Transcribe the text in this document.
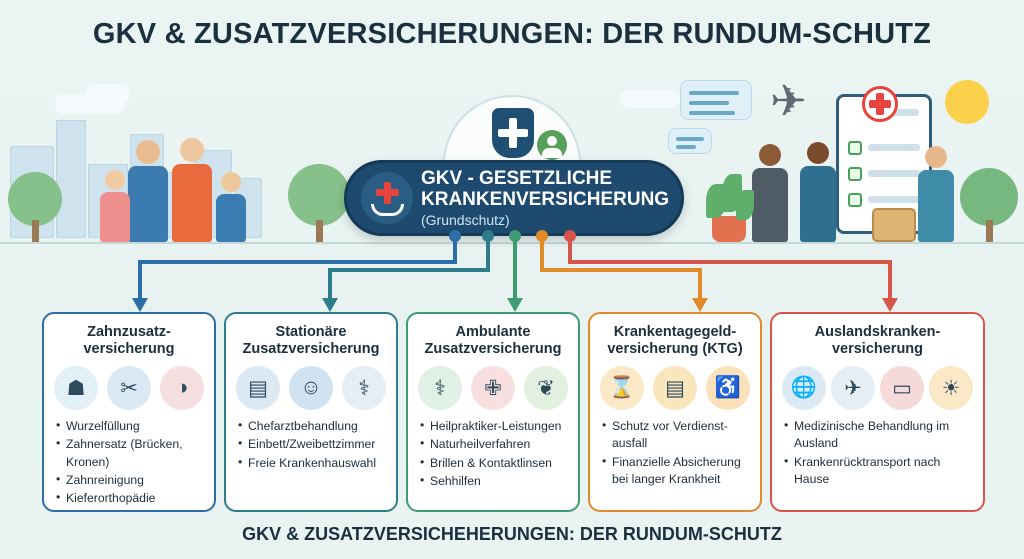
GKV & ZUSATZVERSICHERUNGEN: DER RUNDUM-SCHUTZ
✈
GKV - GESETZLICHE
KRANKENVERSICHERUNG
(Grundschutz)
Zahnzusatz-
versicherung
☗	✂	◑
• Wurzelfüllung
• Zahnersatz (Brücken, Kronen)
• Zahnreinigung
• Kieferorthopädie
Stationäre
Zusatzversicherung
▤	☺	⚕
• Chefarztbehandlung
• Einbett/Zweibettzimmer
• Freie Krankenhauswahl
Ambulante
Zusatzversicherung
⚕	✙	❦
• Heilpraktiker-Leistungen
• Naturheilverfahren
• Brillen & Kontaktlinsen
• Sehhilfen
Krankentagegeld-
versicherung (KTG)
⌛	▤	♿
• Schutz vor Verdienst-ausfall
• Finanzielle Absicherung bei langer Krankheit
Auslandskranken-
versicherung
🌐	✈	▭	☀
• Medizinische Behandlung im Ausland
• Krankenrücktransport nach Hause
GKV & ZUSATZVERSICHEHERUNGEN: DER RUNDUM-SCHUTZ
